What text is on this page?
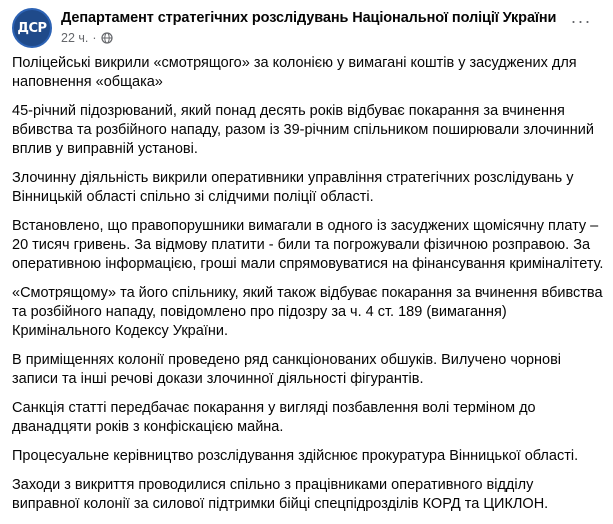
ДСР
Департамент стратегічних розслідувань Національної поліції України
22 ч. ·
···

Поліцейські викрили «смотрящого» за колонією у вимагані коштів у засуджених для наповнення «общака»

45-річний підозрюваний, який понад десять років відбуває покарання за вчинення вбивства та розбійного нападу, разом із 39-річним спільником поширювали злочинний вплив у виправній установі.

Злочинну діяльність викрили оперативники управління стратегічних розслідувань у Вінницькій області спільно зі слідчими поліції області.

Встановлено, що правопорушники вимагали в одного із засуджених щомісячну плату – 20 тисяч гривень. За відмову платити - били та погрожували фізичною розправою. За оперативною інформацією, гроші мали спрямовуватися на фінансування криміналітету.

«Смотрящому» та його спільнику, який також відбуває покарання за вчинення вбивства та розбійного нападу, повідомлено про підозру за ч. 4 ст. 189 (вимагання) Кримінального Кодексу України.

В приміщеннях колонії проведено ряд санкціонованих обшуків. Вилучено чорнові записи та інші речові докази злочинної діяльності фігурантів.

Санкція статті передбачає покарання у вигляді позбавлення волі терміном до дванадцяти років з конфіскацією майна.

Процесуальне керівництво розслідування здійснює прокуратура Вінницької області.

Заходи з викриття проводилися спільно з працівниками оперативного відділу виправної колонії за силової підтримки бійці спецпідрозділів КОРД та ЦИКЛОН.
